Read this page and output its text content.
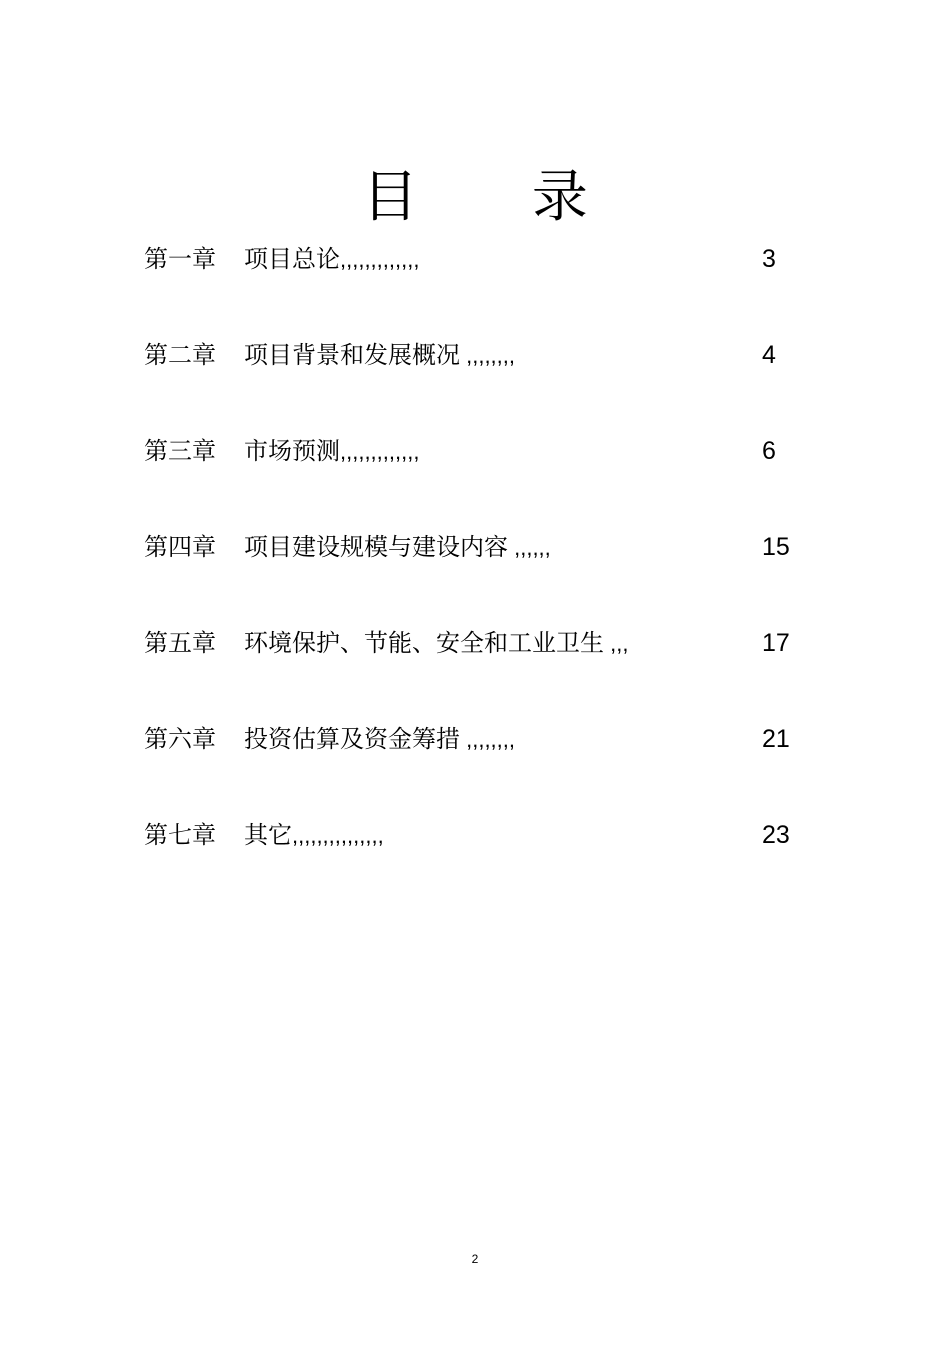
目 录
第一章 项目总论,,,,,,,,,,,,,	3
第二章 项目背景和发展概况 ,,,,,,,,	4
第三章 市场预测,,,,,,,,,,,,,	6
第四章 项目建设规模与建设内容 ,,,,,,	15
第五章 环境保护、节能、安全和工业卫生 ,,,	17
第六章 投资估算及资金筹措 ,,,,,,,,	21
第七章 其它,,,,,,,,,,,,,,,	23
2
